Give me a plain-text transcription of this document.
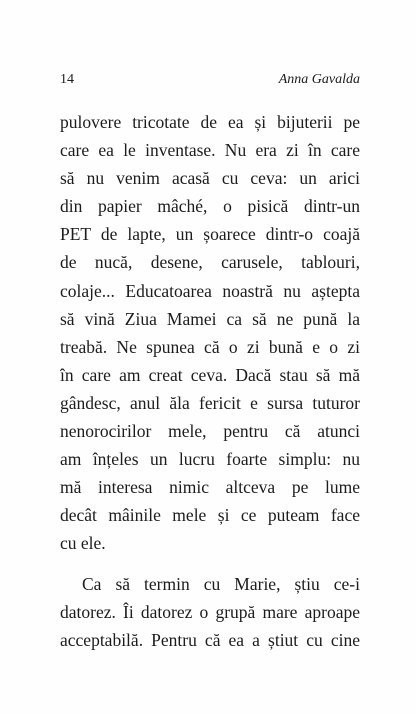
14	Anna Gavalda
pulovere tricotate de ea și bijuterii pe
care ea le inventase. Nu era zi în care
să nu venim acasă cu ceva: un arici
din papier mâché, o pisică dintr-un
PET de lapte, un șoarece dintr-o coajă
de nucă, desene, caruselе, tablouri,
colaje... Educatoarea noastră nu aștepta
să vină Ziua Mamei ca să ne pună la
treabă. Ne spunea că o zi bună e o zi
în care am creat ceva. Dacă stau să mă
gândesc, anul ăla fericit e sursa tuturor
nenorocirilor mele, pentru că atunci
am înțeles un lucru foarte simplu: nu
mă interesa nimic altceva pe lume
decât mâinile mele și ce puteam face
cu ele.
Ca să termin cu Marie, știu ce-i
datorez. Îi datorez o grupă mare aproape
acceptabilă. Pentru că ea a știut cu cine
